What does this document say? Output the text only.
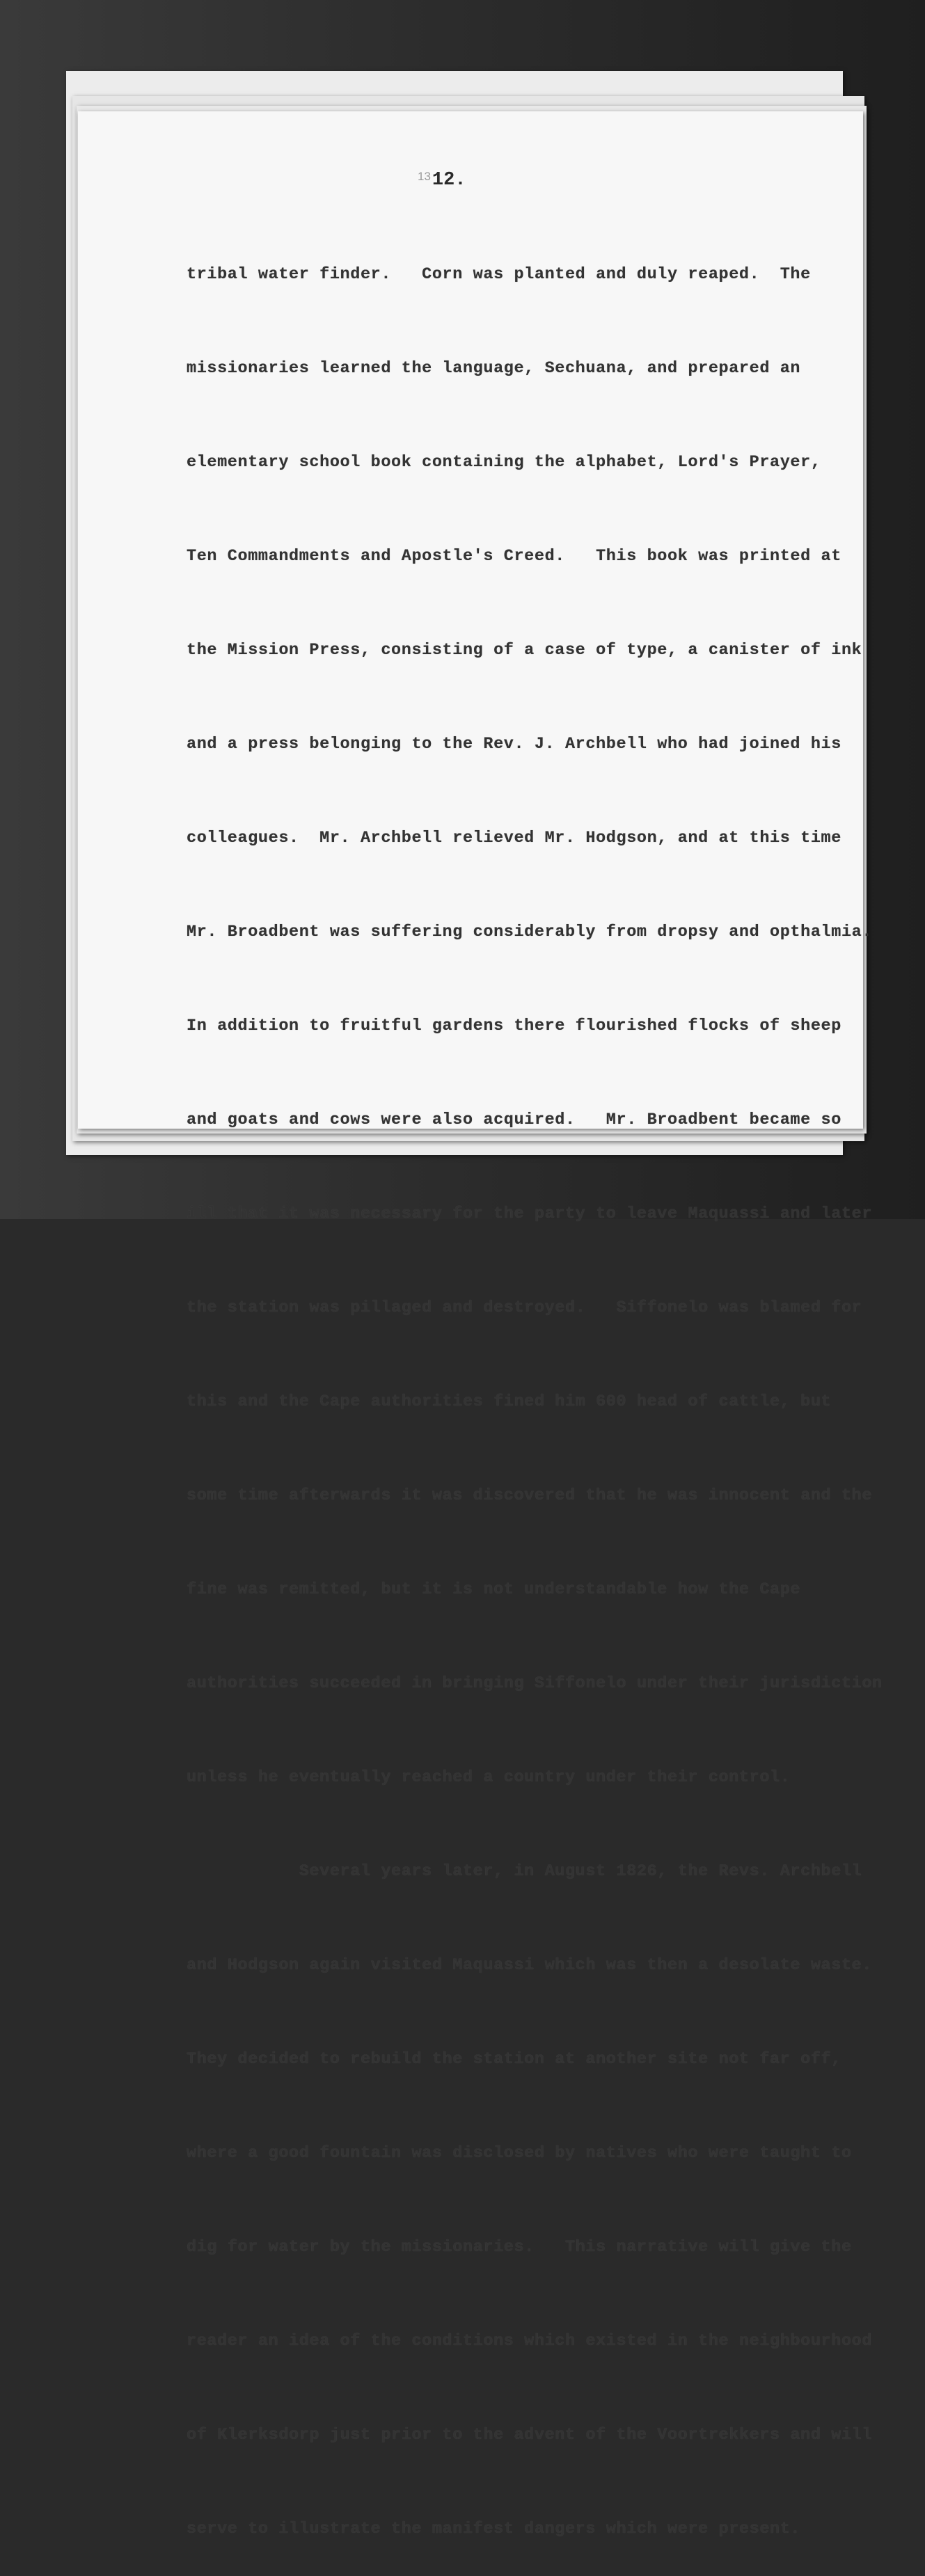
$^{13}$12.

tribal water finder.   Corn was planted and duly reaped.  The

missionaries learned the language, Sechuana, and prepared an

elementary school book containing the alphabet, Lord's Prayer,

Ten Commandments and Apostle's Creed.   This book was printed at

the Mission Press, consisting of a case of type, a canister of ink

and a press belonging to the Rev. J. Archbell who had joined his

colleagues.  Mr. Archbell relieved Mr. Hodgson, and at this time

Mr. Broadbent was suffering considerably from dropsy and opthalmia.

In addition to fruitful gardens there flourished flocks of sheep

and goats and cows were also acquired.   Mr. Broadbent became so

ill that it was necessary for the party to leave Maquassi and later

the station was pillaged and destroyed.   Siffonelo was blamed for

this and the Cape authorities fined him 600 head of cattle, but

some time afterwards it was discovered that he was innocent and the

fine was remitted, but it is not understandable how the Cape

authorities succeeded in bringing Siffonelo under their jurisdiction

unless he eventually reached a country under their control.

Several years later, in August 1826, the Revs. Archbell

and Hodgson again visited Maquassi which was then a desolate waste.

They decided to rebuild the station at another site not far off,

where a good fountain was disclosed by natives who were taught to

dig for water by the missionaries.   This narrative will give the

reader an idea of the conditions which existed in the neighbourhood

of Klerksdorp just prior to the advent of the Voortrekkers and will

serve to illustrate the manifest dangers which were present.
